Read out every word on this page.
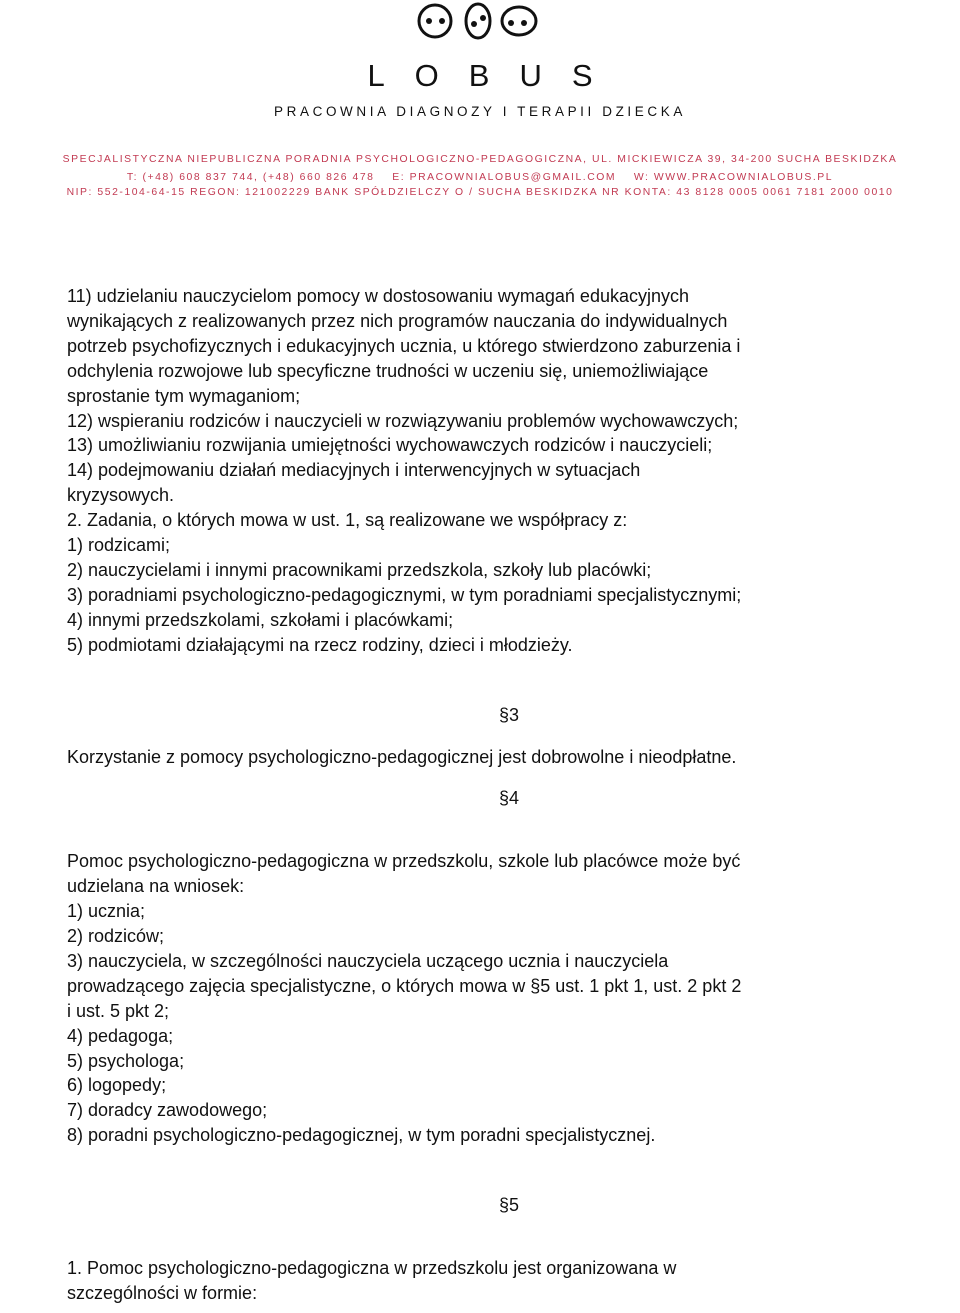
LOBUS
PRACOWNIA DIAGNOZY I TERAPII DZIECKA
SPECJALISTYCZNA NIEPUBLICZNA PORADNIA PSYCHOLOGICZNO-PEDAGOGICZNA, UL. MICKIEWICZA 39, 34-200 SUCHA BESKIDZKA
T: (+48) 608 837 744, (+48) 660 826 478 E: PRACOWNIALOBUS@GMAIL.COM W: WWW.PRACOWNIALOBUS.PL
NIP: 552-104-64-15 REGON: 121002229 BANK SPÓŁDZIELCZY O / SUCHA BESKIDZKA NR KONTA: 43 8128 0005 0061 7181 2000 0010

11) udzielaniu nauczycielom pomocy w dostosowaniu wymagań edukacyjnych

wynikających z realizowanych przez nich programów nauczania do indywidualnych

potrzeb psychofizycznych i edukacyjnych ucznia, u którego stwierdzono zaburzenia i

odchylenia rozwojowe lub specyficzne trudności w uczeniu się, uniemożliwiające

sprostanie tym wymaganiom;

12) wspieraniu rodziców i nauczycieli w rozwiązywaniu problemów wychowawczych;

13) umożliwianiu rozwijania umiejętności wychowawczych rodziców i nauczycieli;

14) podejmowaniu działań mediacyjnych i interwencyjnych w sytuacjach

kryzysowych.

2. Zadania, o których mowa w ust. 1, są realizowane we współpracy z:

1) rodzicami;

2) nauczycielami i innymi pracownikami przedszkola, szkoły lub placówki;

3) poradniami psychologiczno-pedagogicznymi, w tym poradniami specjalistycznymi;

4) innymi przedszkolami, szkołami i placówkami;

5) podmiotami działającymi na rzecz rodziny, dzieci i młodzieży.

§3

Korzystanie z pomocy psychologiczno-pedagogicznej jest dobrowolne i nieodpłatne.

§4

Pomoc psychologiczno-pedagogiczna w przedszkolu, szkole lub placówce może być

udzielana na wniosek:

1) ucznia;

2) rodziców;

3) nauczyciela, w szczególności nauczyciela uczącego ucznia i nauczyciela

prowadzącego zajęcia specjalistyczne, o których mowa w §5 ust. 1 pkt 1, ust. 2 pkt 2

i ust. 5 pkt 2;

4) pedagoga;

5) psychologa;

6) logopedy;

7) doradcy zawodowego;

8) poradni psychologiczno-pedagogicznej, w tym poradni specjalistycznej.

§5

1. Pomoc psychologiczno-pedagogiczna w przedszkolu jest organizowana w

szczególności w formie:
